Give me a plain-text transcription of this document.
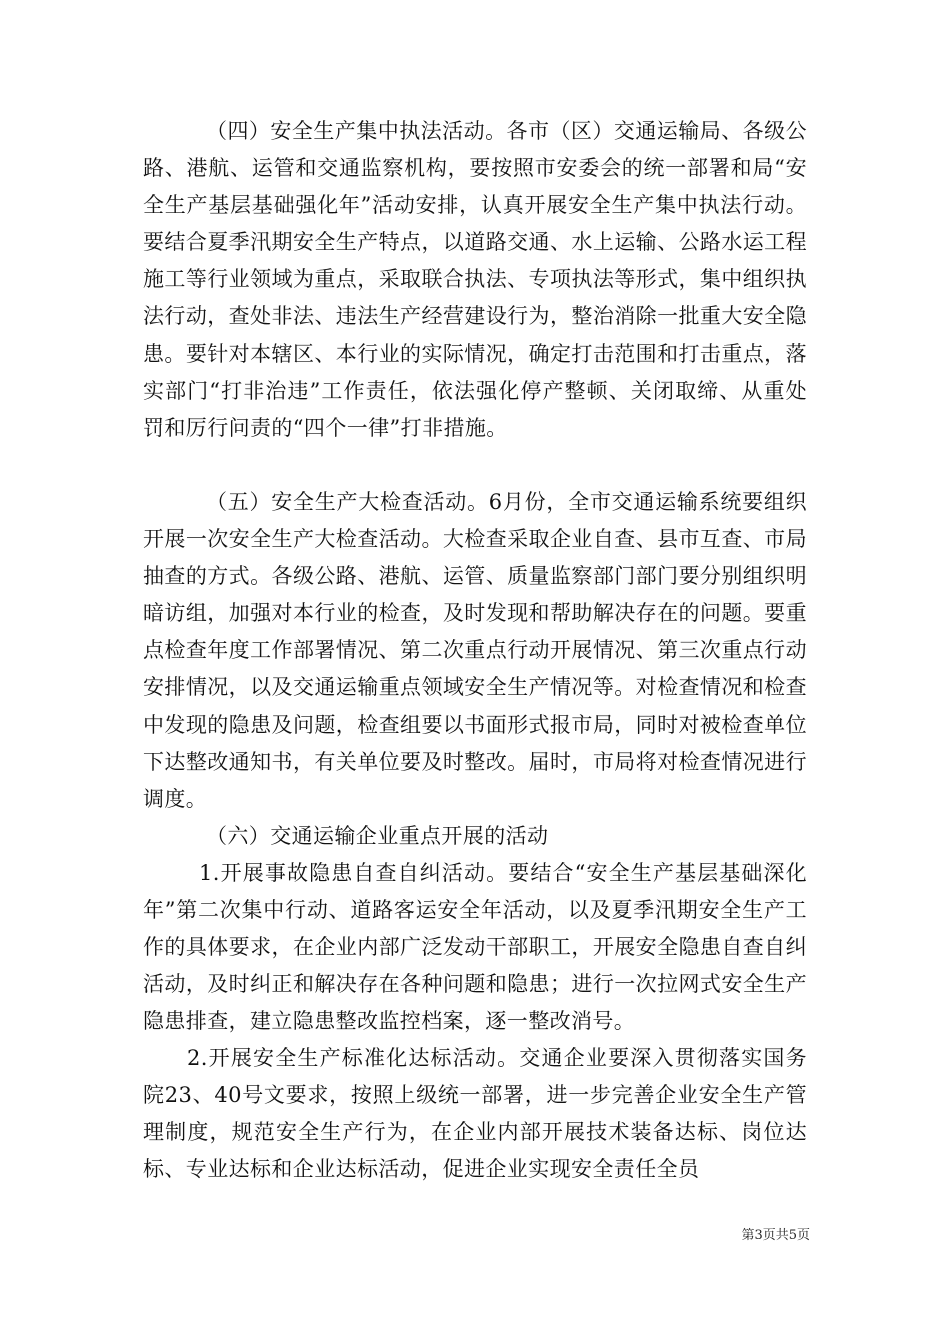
（四）安全生产集中执法活动。各市（区）交通运输局、各级公路、港航、运管和交通监察机构，要按照市安委会的统一部署和局“安全生产基层基础强化年”活动安排，认真开展安全生产集中执法行动。要结合夏季汛期安全生产特点，以道路交通、水上运输、公路水运工程施工等行业领域为重点，采取联合执法、专项执法等形式，集中组织执法行动，查处非法、违法生产经营建设行为，整治消除一批重大安全隐患。要针对本辖区、本行业的实际情况，确定打击范围和打击重点，落实部门“打非治违”工作责任，依法强化停产整顿、关闭取缔、从重处罚和厉行问责的“四个一律”打非措施。

（五）安全生产大检查活动。6月份，全市交通运输系统要组织开展一次安全生产大检查活动。大检查采取企业自查、县市互查、市局抽查的方式。各级公路、港航、运管、质量监察部门部门要分别组织明暗访组，加强对本行业的检查，及时发现和帮助解决存在的问题。要重点检查年度工作部署情况、第二次重点行动开展情况、第三次重点行动安排情况，以及交通运输重点领域安全生产情况等。对检查情况和检查中发现的隐患及问题，检查组要以书面形式报市局，同时对被检查单位下达整改通知书，有关单位要及时整改。届时，市局将对检查情况进行调度。

（六）交通运输企业重点开展的活动

1.开展事故隐患自查自纠活动。要结合“安全生产基层基础深化年”第二次集中行动、道路客运安全年活动，以及夏季汛期安全生产工作的具体要求，在企业内部广泛发动干部职工，开展安全隐患自查自纠活动，及时纠正和解决存在各种问题和隐患；进行一次拉网式安全生产隐患排查，建立隐患整改监控档案，逐一整改消号。

2.开展安全生产标准化达标活动。交通企业要深入贯彻落实国务院23、40号文要求，按照上级统一部署，进一步完善企业安全生产管理制度，规范安全生产行为，在企业内部开展技术装备达标、岗位达标、专业达标和企业达标活动，促进企业实现安全责任全员

第3页共5页
